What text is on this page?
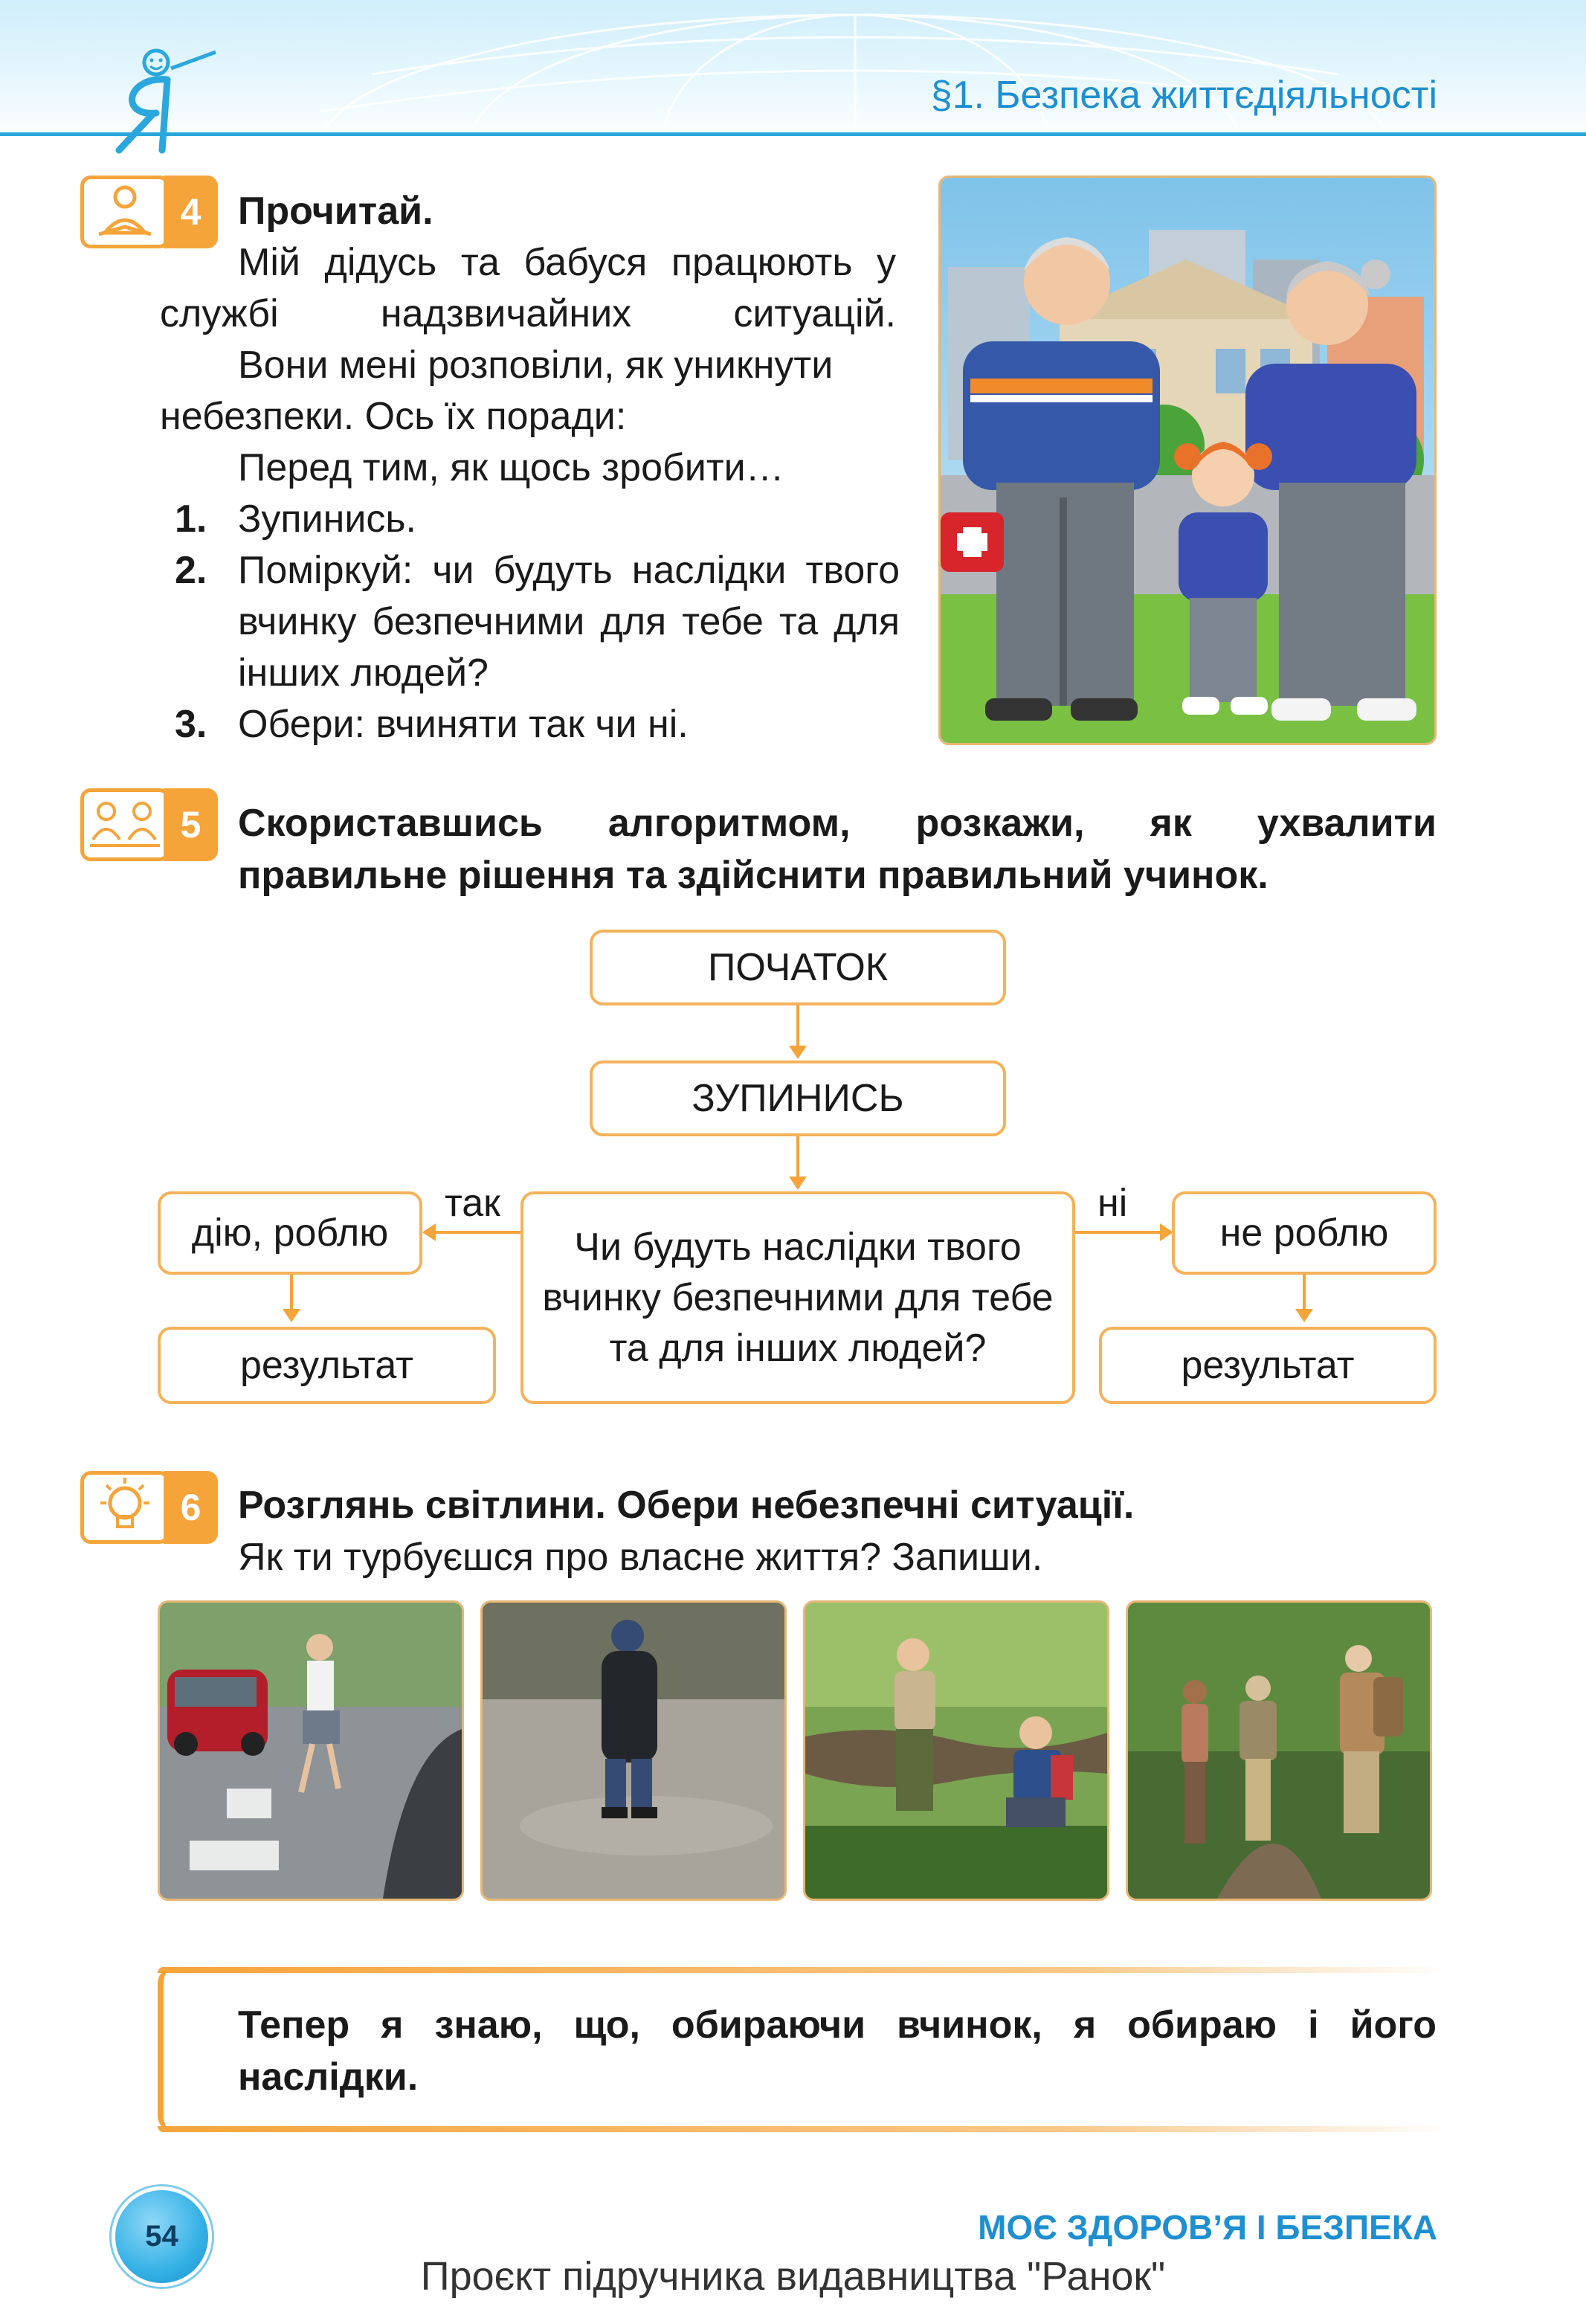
§1. Безпека життєдіяльності
4 Прочитай.
Мій дідусь та бабуся працюють у службі надзвичайних ситуацій.
Вони мені розповіли, як уникнути небезпеки. Ось їх поради:
Перед тим, як щось зробити…
1. Зупинись.
2. Поміркуй: чи будуть наслідки твого вчинку безпечними для тебе та для інших людей?
3. Обери: вчиняти так чи ні.
5 Скориставшись алгоритмом, розкажи, як ухвалити правильне рішення та здійснити правильний учинок.
ПОЧАТОК
ЗУПИНИСЬ
Чи будуть наслідки твого вчинку безпечними для тебе та для інших людей?
так
дію, роблю
результат
ні
не роблю
результат
6 Розглянь світлини. Обери небезпечні ситуації.
Як ти турбуєшся про власне життя? Запиши.
Тепер я знаю, що, обираючи вчинок, я обираю і його наслідки.
54	МОЄ ЗДОРОВ’Я І БЕЗПЕКА
Проєкт підручника видавництва "Ранок"
